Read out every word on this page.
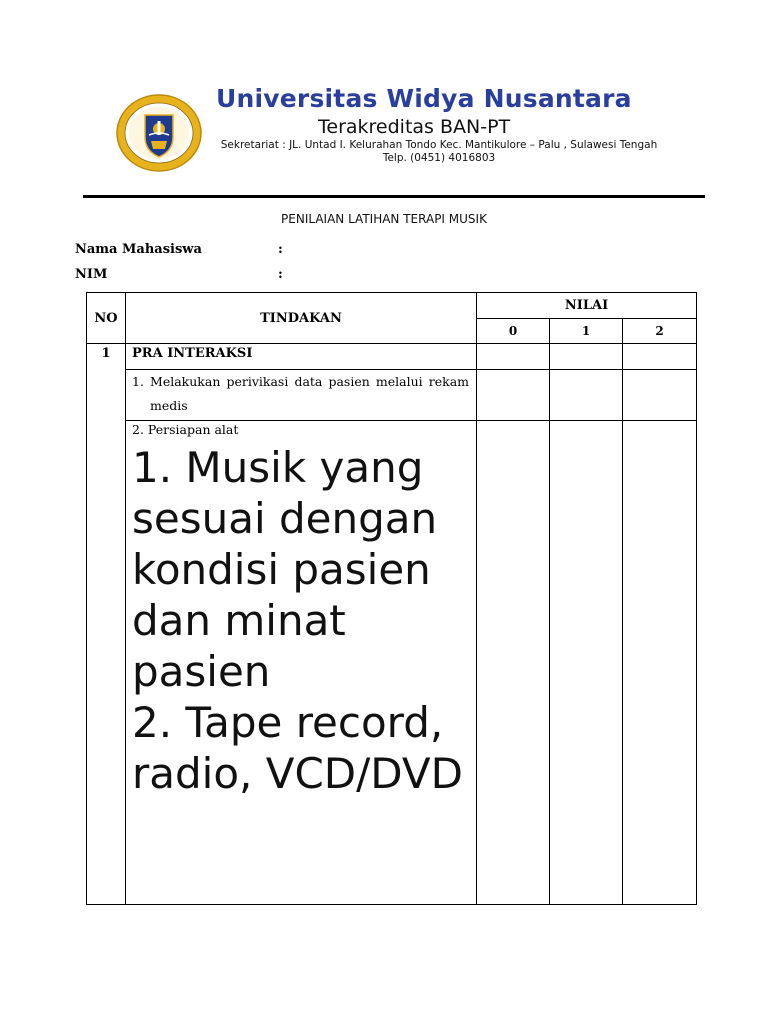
Universitas Widya Nusantara
Terakreditas BAN-PT
Sekretariat : JL. Untad I. Kelurahan Tondo Kec. Mantikulore – Palu , Sulawesi Tengah
Telp. (0451) 4016803
PENILAIAN LATIHAN TERAPI MUSIK
Nama Mahasiswa	:
NIM	:
NO	TINDAKAN	NILAI		
		0	1	2
1	PRA INTERAKSI			

	1. Melakukan perivikasi data pasien melalui rekam medis			

	2. Persiapan alat
1. Musik yang sesuai dengan kondisi pasien dan minat pasien
2. Tape record, radio, VCD/DVD			
